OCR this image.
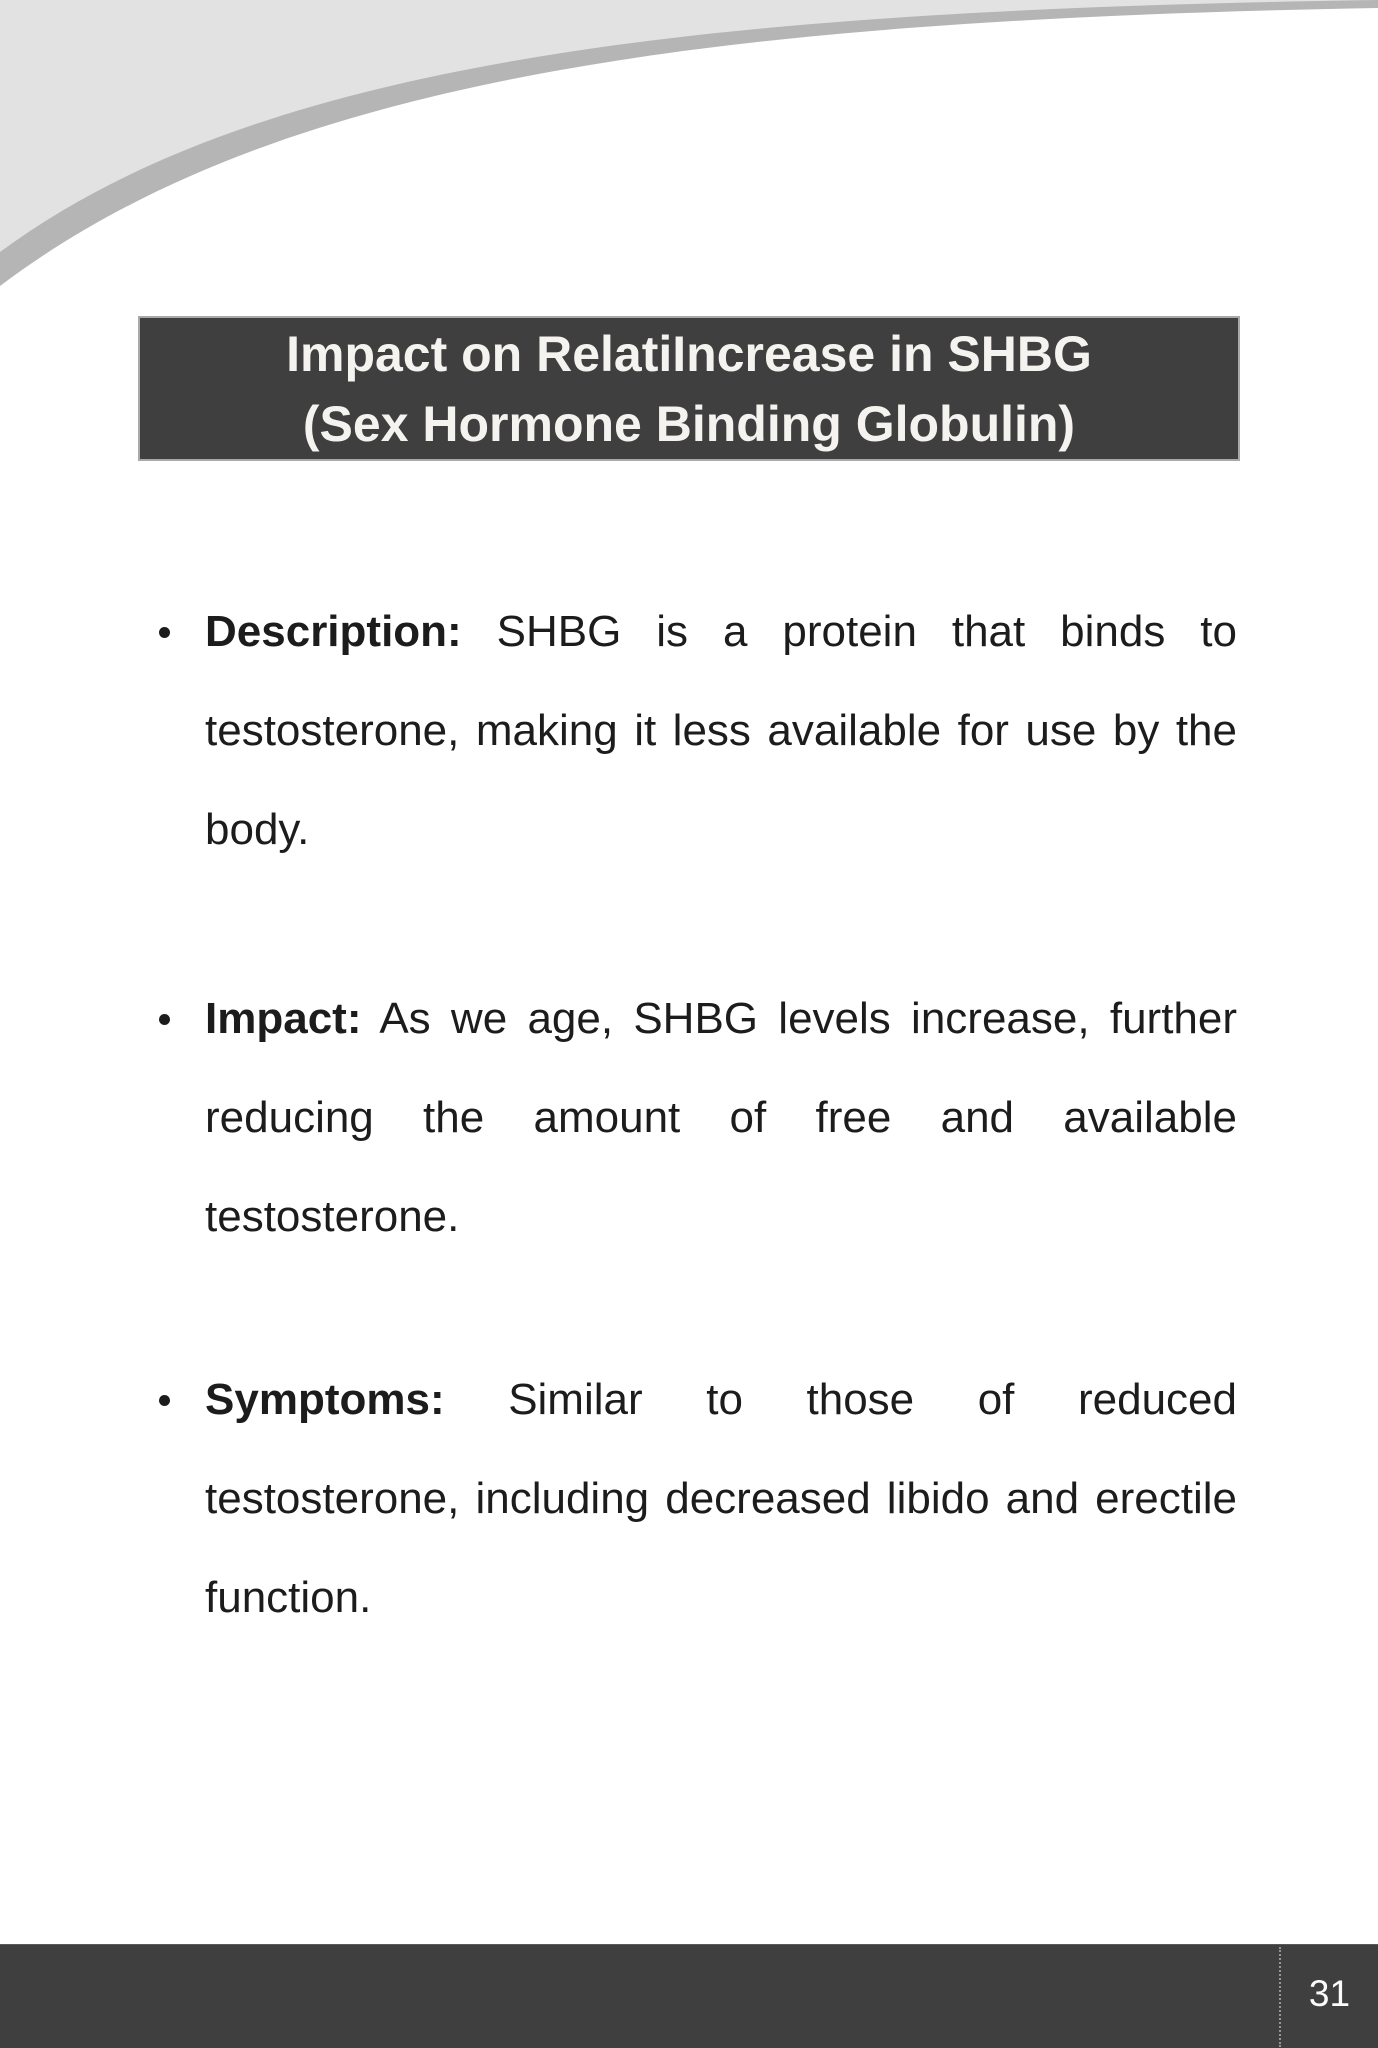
Impact on RelatiIncrease in SHBG
(Sex Hormone Binding Globulin)
Description: SHBG is a protein that binds to
testosterone, making it less available for use by the
body.
Impact: As we age, SHBG levels increase, further
reducing the amount of free and available
testosterone.
Symptoms: Similar to those of reduced
testosterone, including decreased libido and erectile
function.
31
